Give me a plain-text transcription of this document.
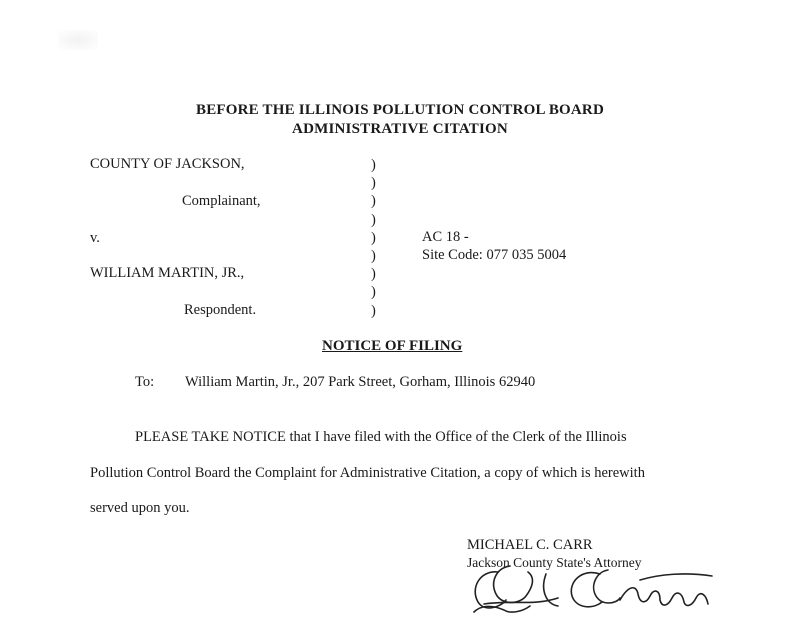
BEFORE THE ILLINOIS POLLUTION CONTROL BOARD
ADMINISTRATIVE CITATION
COUNTY OF JACKSON,
Complainant,
v.
WILLIAM MARTIN, JR.,
Respondent.
)
)
)
)
)
)
)
)
)
AC 18 -
Site Code: 077 035 5004
NOTICE OF FILING
To: William Martin, Jr., 207 Park Street, Gorham, Illinois 62940
PLEASE TAKE NOTICE that I have filed with the Office of the Clerk of the Illinois
Pollution Control Board the Complaint for Administrative Citation, a copy of which is herewith
served upon you.
MICHAEL C. CARR
Jackson County State's Attorney
